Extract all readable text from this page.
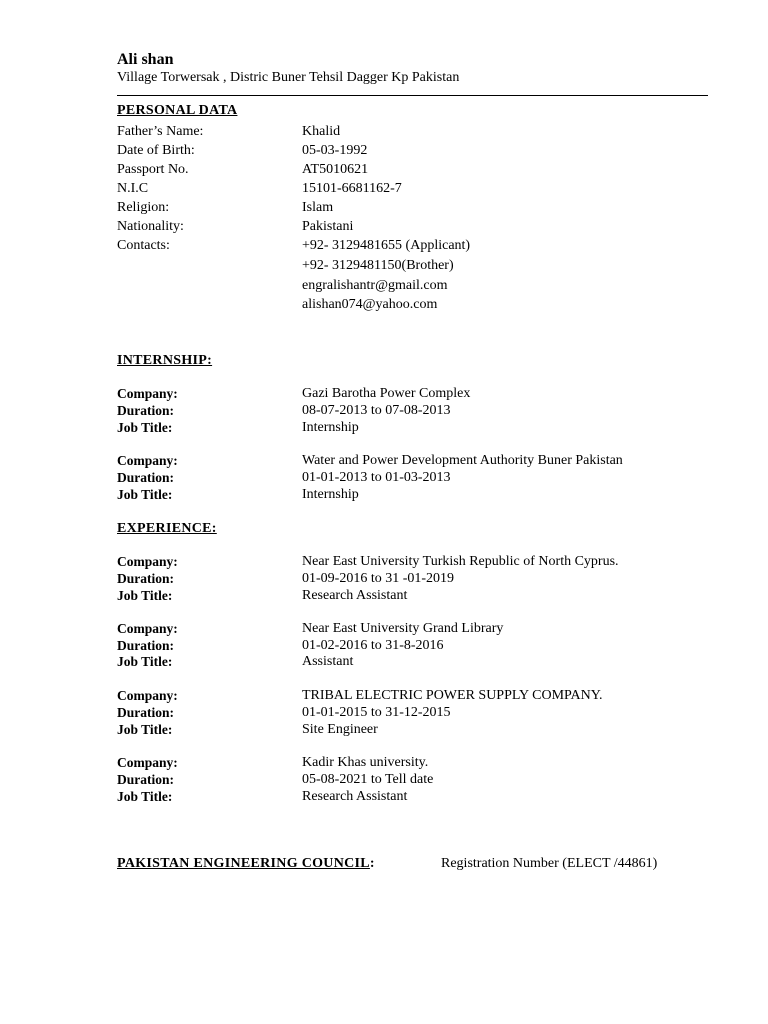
Ali shan
Village Torwersak , Distric Buner Tehsil Dagger Kp Pakistan
PERSONAL DATA
Father’s Name:	Khalid
Date of Birth:	05-03-1992
Passport No.	AT5010621
N.I.C	15101-6681162-7
Religion:	Islam
Nationality:	Pakistani
Contacts:	+92- 3129481655 (Applicant)
+92- 3129481150(Brother)
engralishantr@gmail.com
alishan074@yahoo.com
INTERNSHIP:
Company:	Gazi Barotha Power Complex
Duration:	08-07-2013 to 07-08-2013
Job Title:	Internship
Company:	Water and Power Development Authority Buner Pakistan
Duration:	01-01-2013 to 01-03-2013
Job Title:	Internship
EXPERIENCE:
Company:	Near East University Turkish Republic of North Cyprus.
Duration:	01-09-2016 to 31 -01-2019
Job Title:	Research Assistant
Company:	Near East University Grand Library
Duration:	01-02-2016 to 31-8-2016
Job Title:	Assistant
Company:	TRIBAL ELECTRIC POWER SUPPLY COMPANY.
Duration:	01-01-2015 to 31-12-2015
Job Title:	Site Engineer
Company:	Kadir Khas university.
Duration:	05-08-2021 to Tell date
Job Title:	Research Assistant
PAKISTAN ENGINEERING COUNCIL:	Registration Number (ELECT /44861)
